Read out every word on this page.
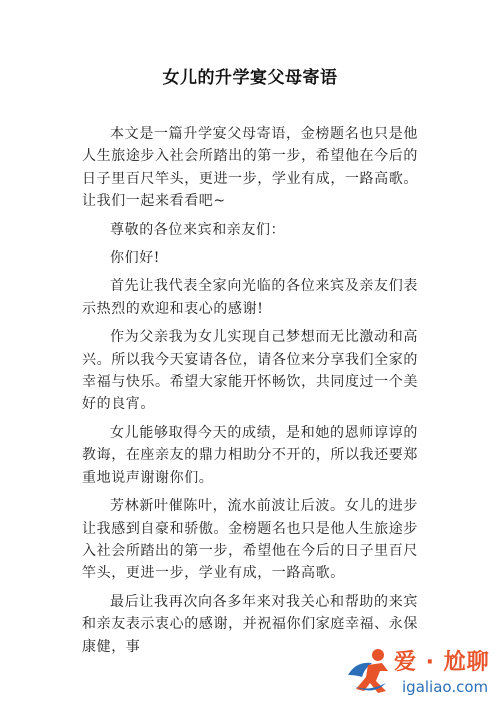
女儿的升学宴父母寄语

本文是一篇升学宴父母寄语，金榜题名也只是他人生旅途步入社会所踏出的第一步，希望他在今后的日子里百尺竿头，更进一步，学业有成，一路高歌。让我们一起来看看吧~

尊敬的各位来宾和亲友们：

你们好!

首先让我代表全家向光临的各位来宾及亲友们表示热烈的欢迎和衷心的感谢!

作为父亲我为女儿实现自己梦想而无比激动和高兴。所以我今天宴请各位，请各位来分享我们全家的幸福与快乐。希望大家能开怀畅饮，共同度过一个美好的良宵。

女儿能够取得今天的成绩，是和她的恩师谆谆的教诲，在座亲友的鼎力相助分不开的，所以我还要郑重地说声谢谢你们。

芳林新叶催陈叶，流水前波让后波。女儿的进步让我感到自豪和骄傲。金榜题名也只是他人生旅途步入社会所踏出的第一步，希望他在今后的日子里百尺竿头，更进一步，学业有成，一路高歌。

最后让我再次向各多年来对我关心和帮助的来宾和亲友表示衷心的感谢，并祝福你们家庭幸福、永保康健，事

爱 · 尬聊
igaliao.com
